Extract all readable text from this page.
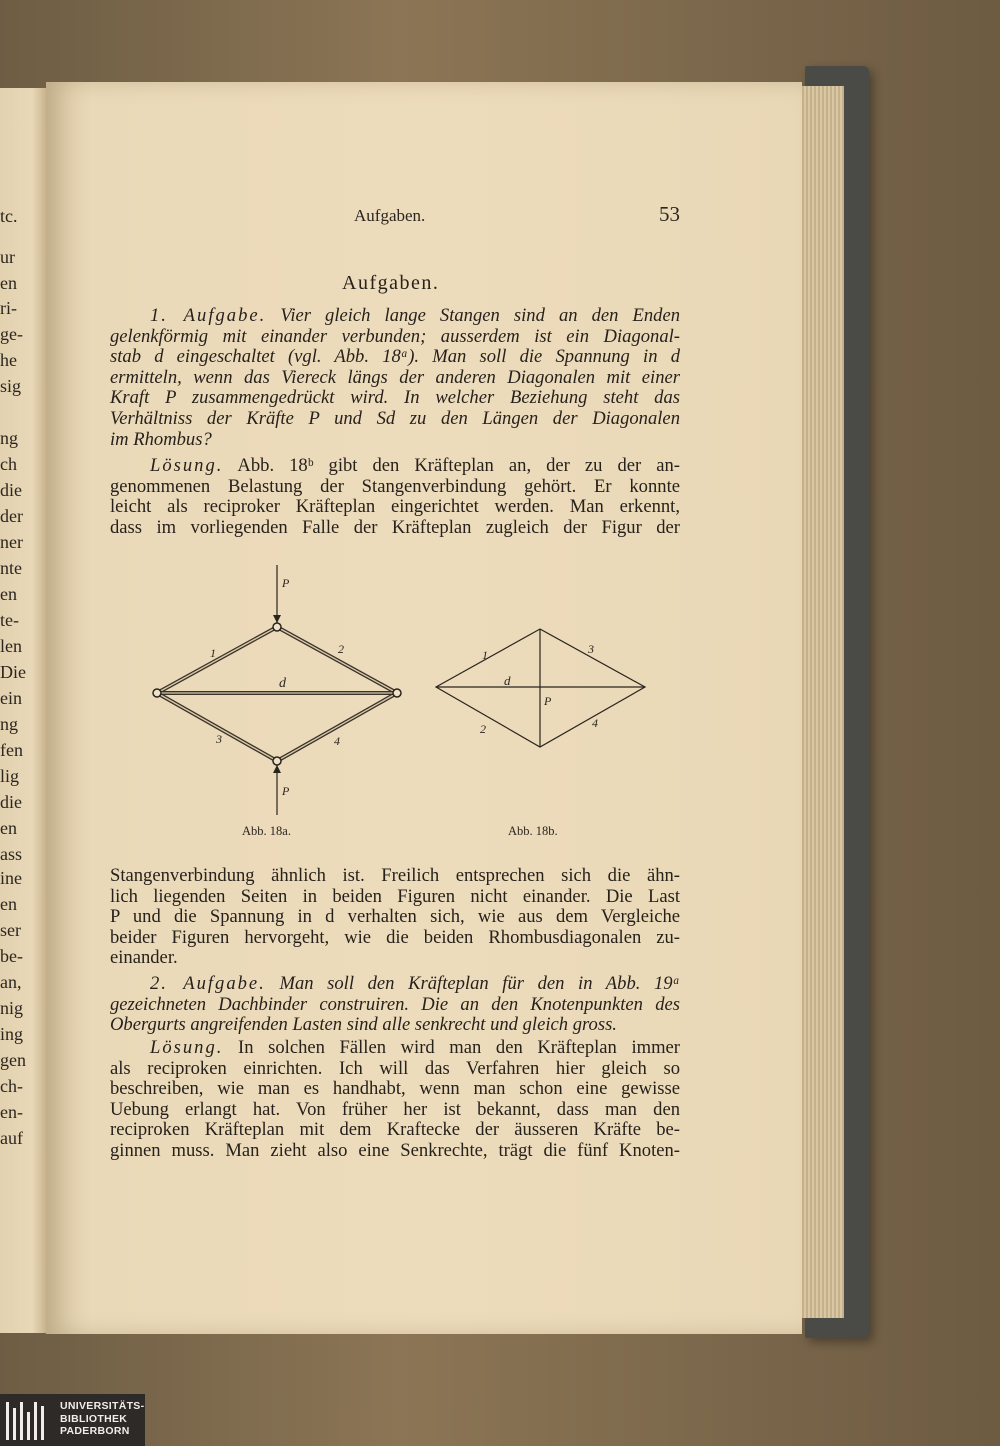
tc.
ur
en
ri-
ge-
he
sig
ng
ch
die
der
ner
nte
en
te-
len
Die
ein
ng
fen
lig
die
en
ass
ine
en
ser
be-
an,
nig
ing
gen
ch-
en-
auf
Aufgaben.	53
Aufgaben.
1. Aufgabe. Vier gleich lange Stangen sind an den Enden
gelenkförmig mit einander verbunden; ausserdem ist ein Diagonal-
stab d eingeschaltet (vgl. Abb. 18ᵃ). Man soll die Spannung in d
ermitteln, wenn das Viereck längs der anderen Diagonalen mit einer
Kraft P zusammengedrückt wird. In welcher Beziehung steht das
Verhältniss der Kräfte P und Sd zu den Längen der Diagonalen
im Rhombus?
Lösung. Abb. 18ᵇ gibt den Kräfteplan an, der zu der an-
genommenen Belastung der Stangenverbindung gehört. Er konnte
leicht als reciproker Kräfteplan eingerichtet werden. Man erkennt,
dass im vorliegenden Falle der Kräfteplan zugleich der Figur der
P
P
d
1	2
3	4
d
P
1	3
2	4
Abb. 18a.	Abb. 18b.
Stangenverbindung ähnlich ist. Freilich entsprechen sich die ähn-
lich liegenden Seiten in beiden Figuren nicht einander. Die Last
P und die Spannung in d verhalten sich, wie aus dem Vergleiche
beider Figuren hervorgeht, wie die beiden Rhombusdiagonalen zu-
einander.
2. Aufgabe. Man soll den Kräfteplan für den in Abb. 19ᵃ
gezeichneten Dachbinder construiren. Die an den Knotenpunkten des
Obergurts angreifenden Lasten sind alle senkrecht und gleich gross.
Lösung. In solchen Fällen wird man den Kräfteplan immer
als reciproken einrichten. Ich will das Verfahren hier gleich so
beschreiben, wie man es handhabt, wenn man schon eine gewisse
Uebung erlangt hat. Von früher her ist bekannt, dass man den
reciproken Kräfteplan mit dem Kraftecke der äusseren Kräfte be-
ginnen muss. Man zieht also eine Senkrechte, trägt die fünf Knoten-
UNIVERSITÄTS-
BIBLIOTHEK
PADERBORN
